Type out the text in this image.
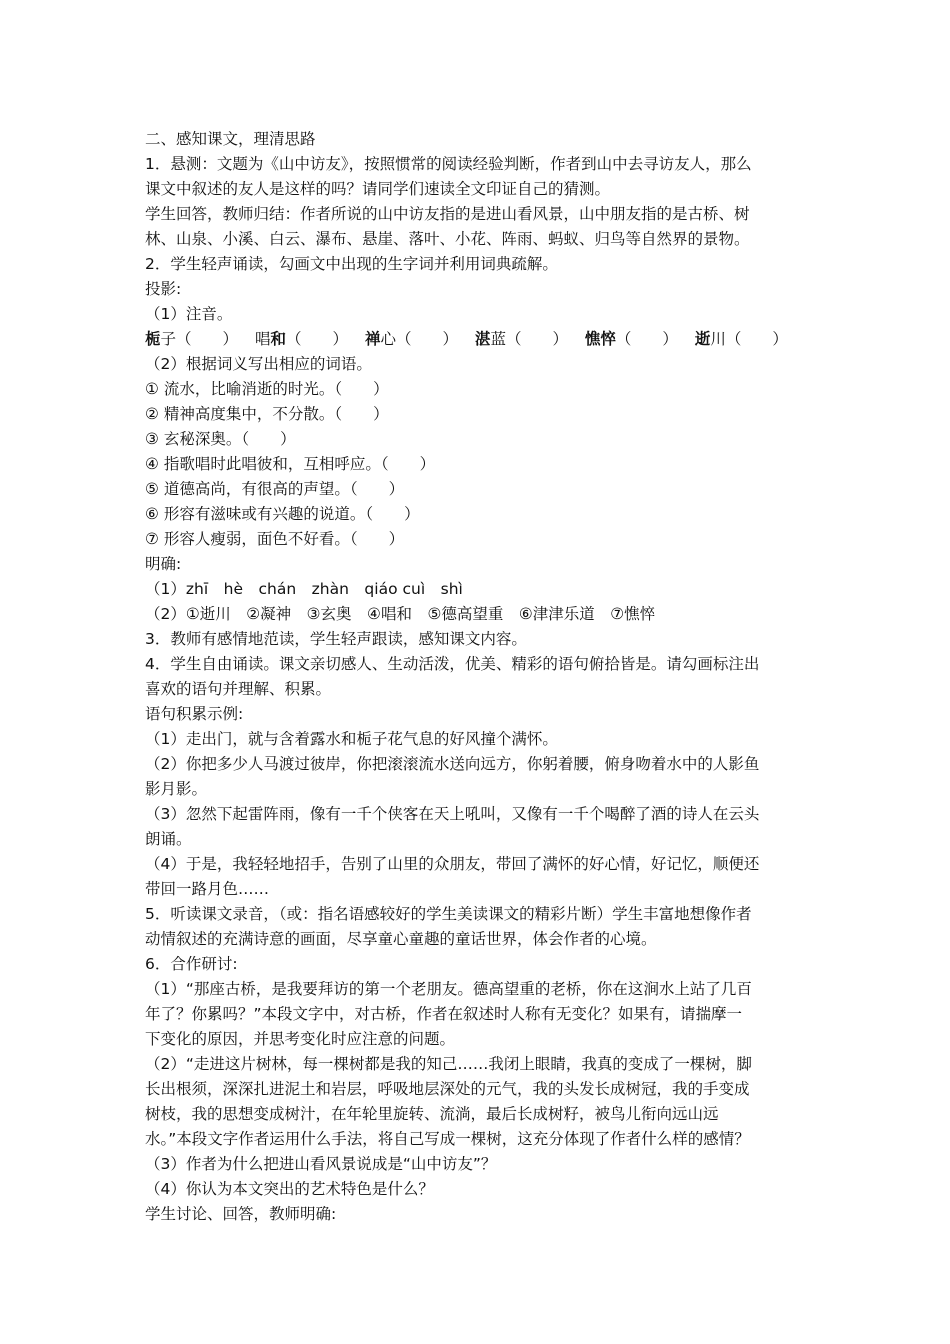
二、感知课文，理清思路
1．悬测：文题为《山中访友》，按照惯常的阅读经验判断，作者到山中去寻访友人，那么
课文中叙述的友人是这样的吗？请同学们速读全文印证自己的猜测。
学生回答，教师归结：作者所说的山中访友指的是进山看风景，山中朋友指的是古桥、树
林、山泉、小溪、白云、瀑布、悬崖、落叶、小花、阵雨、蚂蚁、归鸟等自然界的景物。
2．学生轻声诵读，勾画文中出现的生字词并利用词典疏解。
投影:
（1）注音。
栀子（　　） 唱和（　　） 禅心（　　） 湛蓝（　　） 憔悴（　　） 逝川（　　）
（2）根据词义写出相应的词语。
① 流水，比喻消逝的时光。（　　）
② 精神高度集中，不分散。（　　）
③ 玄秘深奥。（　　）
④ 指歌唱时此唱彼和，互相呼应。（　　）
⑤ 道德高尚，有很高的声望。（　　）
⑥ 形容有滋味或有兴趣的说道。（　　）
⑦ 形容人瘦弱，面色不好看。（　　）
明确:
（1）zhī　hè　chán　zhàn　qiáo cuì　shì
（2）①逝川　②凝神　③玄奥　④唱和　⑤德高望重　⑥津津乐道　⑦憔悴
3．教师有感情地范读，学生轻声跟读，感知课文内容。
4．学生自由诵读。课文亲切感人、生动活泼，优美、精彩的语句俯拾皆是。请勾画标注出
喜欢的语句并理解、积累。
语句积累示例:
（1）走出门，就与含着露水和栀子花气息的好风撞个满怀。
（2）你把多少人马渡过彼岸，你把滚滚流水送向远方，你躬着腰，俯身吻着水中的人影鱼
影月影。
（3）忽然下起雷阵雨，像有一千个侠客在天上吼叫，又像有一千个喝醉了酒的诗人在云头
朗诵。
（4）于是，我轻轻地招手，告别了山里的众朋友，带回了满怀的好心情，好记忆，顺便还
带回一路月色……
5．听读课文录音，（或：指名语感较好的学生美读课文的精彩片断）学生丰富地想像作者
动情叙述的充满诗意的画面，尽享童心童趣的童话世界，体会作者的心境。
6．合作研讨:
（1）“那座古桥，是我要拜访的第一个老朋友。德高望重的老桥，你在这涧水上站了几百
年了？你累吗？”本段文字中，对古桥，作者在叙述时人称有无变化？如果有，请揣摩一
下变化的原因，并思考变化时应注意的问题。
（2）“走进这片树林，每一棵树都是我的知己……我闭上眼睛，我真的变成了一棵树，脚
长出根须，深深扎进泥土和岩层，呼吸地层深处的元气，我的头发长成树冠，我的手变成
树枝，我的思想变成树汁，在年轮里旋转、流淌，最后长成树籽，被鸟儿衔向远山远
水。”本段文字作者运用什么手法，将自己写成一棵树，这充分体现了作者什么样的感情？
（3）作者为什么把进山看风景说成是“山中访友”？
（4）你认为本文突出的艺术特色是什么？
学生讨论、回答，教师明确:
